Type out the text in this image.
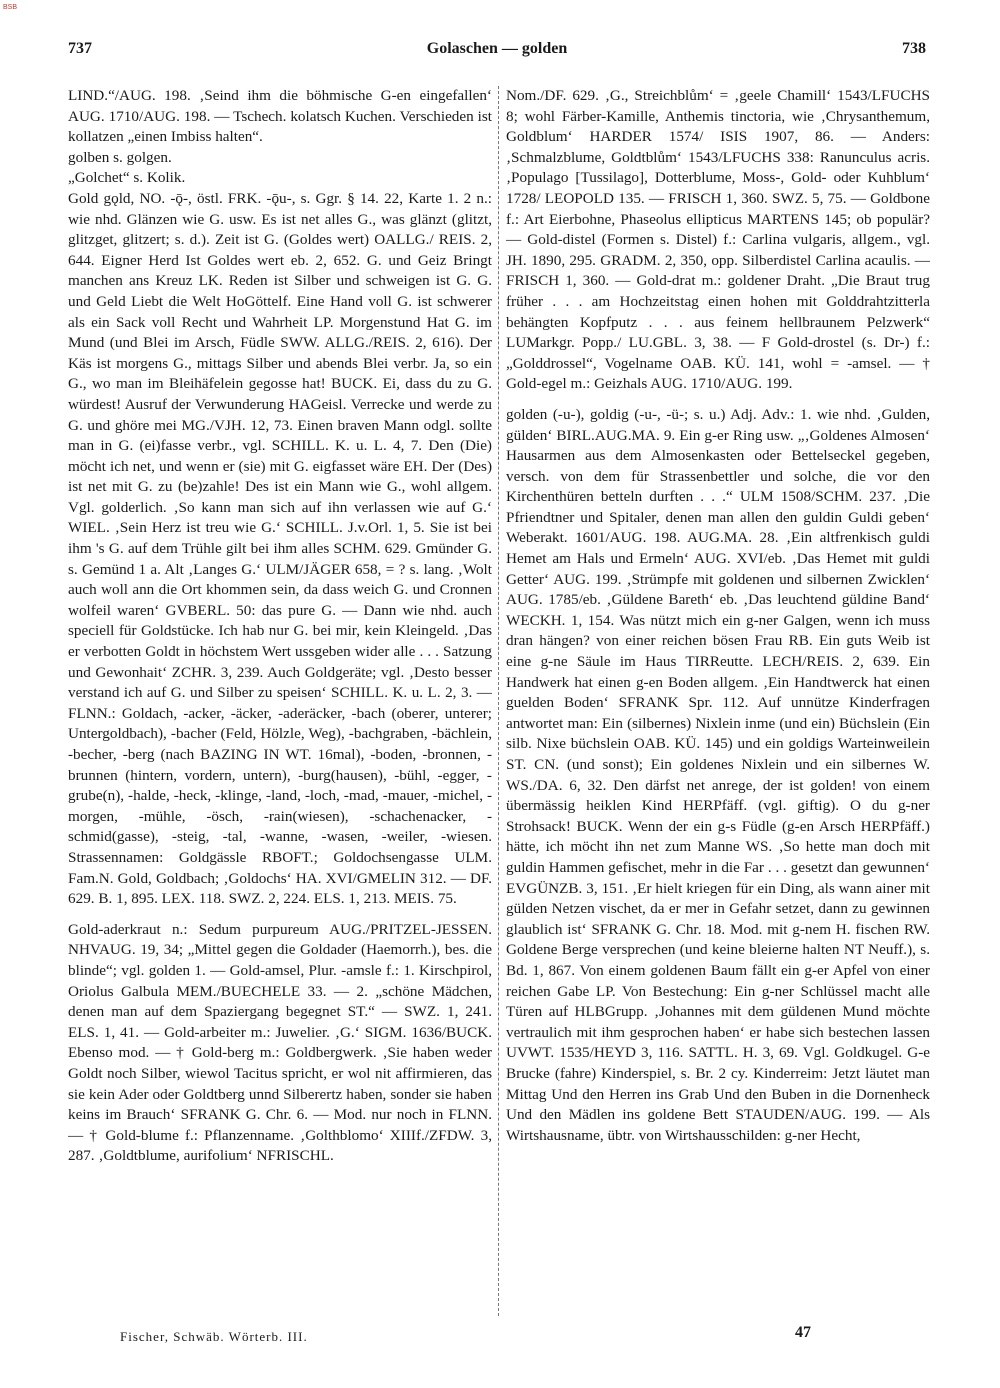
BSB
737	Golaschen — golden	738

LIND.“/AUG. 198. ‚Seind ihm die böhmische G-en eingefallen‘ AUG. 1710/AUG. 198. — Tschech. kolatsch Kuchen. Verschieden ist kollatzen „einen Imbiss halten“.

golben s. golgen.

„Golchet“ s. Kolik.

Gold gǫld, NO. -ǭ-, östl. FRK. -ǭu-, s. Ggr. § 14. 22, Karte 1. 2 n.: wie nhd. Glänzen wie G. usw. Es ist net alles G., was glänzt (glitzt, glitzget, glitzert; s. d.). Zeit ist G. (Goldes wert) OALLG./ REIS. 2, 644. Eigner Herd Ist Goldes wert eb. 2, 652. G. und Geiz Bringt manchen ans Kreuz LK. Reden ist Silber und schweigen ist G. G. und Geld Liebt die Welt HoGöttelf. Eine Hand voll G. ist schwerer als ein Sack voll Recht und Wahrheit LP. Morgenstund Hat G. im Mund (und Blei im Arsch, Füdle SWW. ALLG./REIS. 2, 616). Der Käs ist morgens G., mittags Silber und abends Blei verbr. Ja, so ein G., wo man im Bleihäfelein gegosse hat! BUCK. Ei, dass du zu G. würdest! Ausruf der Verwunderung HAGeisl. Verrecke und werde zu G. und ghöre mei MG./VJH. 12, 73. Einen braven Mann odgl. sollte man in G. (ei)fasse verbr., vgl. SCHILL. K. u. L. 4, 7. Den (Die) möcht ich net, und wenn er (sie) mit G. eigfasset wäre EH. Der (Des) ist net mit G. zu (be)zahle! Des ist ein Mann wie G., wohl allgem. Vgl. golderlich. ‚So kann man sich auf ihn verlassen wie auf G.‘ WIEL. ‚Sein Herz ist treu wie G.‘ SCHILL. J.v.Orl. 1, 5. Sie ist bei ihm 's G. auf dem Trühle gilt bei ihm alles SCHM. 629. Gmünder G. s. Gemünd 1 a. Alt ‚Langes G.‘ ULM/JÄGER 658, = ? s. lang. ‚Wolt auch woll ann die Ort khommen sein, da dass weich G. und Cronnen wolfeil waren‘ GVBERL. 50: das pure G. — Dann wie nhd. auch speciell für Goldstücke. Ich hab nur G. bei mir, kein Kleingeld. ‚Das er verbotten Goldt in höchstem Wert ussgeben wider alle . . . Satzung und Gewonhait‘ ZCHR. 3, 239. Auch Goldgeräte; vgl. ‚Desto besser verstand ich auf G. und Silber zu speisen‘ SCHILL. K. u. L. 2, 3. — FLNN.: Goldach, -acker, -äcker, -aderäcker, -bach (oberer, unterer; Untergoldbach), -bacher (Feld, Hölzle, Weg), -bachgraben, -bächlein, -becher, -berg (nach BAZING IN WT. 16mal), -boden, -bronnen, -brunnen (hintern, vordern, untern), -burg(hausen), -bühl, -egger, -grube(n), -halde, -heck, -klinge, -land, -loch, -mad, -mauer, -michel, -morgen, -mühle, -ösch, -rain(wiesen), -schachenacker, -schmid(gasse), -steig, -tal, -wanne, -wasen, -weiler, -wiesen. Strassennamen: Goldgässle RBOFT.; Goldochsengasse ULM. Fam.N. Gold, Goldbach; ‚Goldochs‘ HA. XVI/GMELIN 312. — DF. 629. B. 1, 895. LEX. 118. SWZ. 2, 224. ELS. 1, 213. MEIS. 75.

Gold-aderkraut n.: Sedum purpureum AUG./PRITZEL-JESSEN. NHVAUG. 19, 34; „Mittel gegen die Goldader (Haemorrh.), bes. die blinde“; vgl. golden 1. — Gold-amsel, Plur. -amsle f.: 1. Kirschpirol, Oriolus Galbula MEM./BUECHELE 33. — 2. „schöne Mädchen, denen man auf dem Spaziergang begegnet ST.“ — SWZ. 1, 241. ELS. 1, 41. — Gold-arbeiter m.: Juwelier. ‚G.‘ SIGM. 1636/BUCK. Ebenso mod. — † Gold-berg m.: Goldbergwerk. ‚Sie haben weder Goldt noch Silber, wiewol Tacitus spricht, er wol nit affirmieren, das sie kein Ader oder Goldtberg unnd Silberertz haben, sonder sie haben keins im Brauch‘ SFRANK G. Chr. 6. — Mod. nur noch in FLNN. — † Gold-blume f.: Pflanzenname. ‚Golthblomo‘ XIIIf./ZFDW. 3, 287. ‚Goldtblume, aurifolium‘ NFRISCHL.

Nom./DF. 629. ‚G., Streichblům‘ = ‚geele Chamill‘ 1543/LFUCHS 8; wohl Färber-Kamille, Anthemis tinctoria, wie ‚Chrysanthemum, Goldblum‘ HARDER 1574/ ISIS 1907, 86. — Anders: ‚Schmalzblume, Goldtblům‘ 1543/LFUCHS 338: Ranunculus acris. ‚Populago [Tussilago], Dotterblume, Moss-, Gold- oder Kuhblum‘ 1728/ LEOPOLD 135. — FRISCH 1, 360. SWZ. 5, 75. — Goldbone f.: Art Eierbohne, Phaseolus ellipticus MARTENS 145; ob populär? — Gold-distel (Formen s. Distel) f.: Carlina vulgaris, allgem., vgl. JH. 1890, 295. GRADM. 2, 350, opp. Silberdistel Carlina acaulis. — FRISCH 1, 360. — Gold-drat m.: goldener Draht. „Die Braut trug früher . . . am Hochzeitstag einen hohen mit Golddrahtzitterla behängten Kopfputz . . . aus feinem hellbraunem Pelzwerk“ LUMarkgr. Popp./ LU.GBL. 3, 38. — F Gold-drostel (s. Dr-) f.: „Golddrossel“, Vogelname OAB. KÜ. 141, wohl = -amsel. — † Gold-egel m.: Geizhals AUG. 1710/AUG. 199.

golden (-u-), goldig (-u-, -ü-; s. u.) Adj. Adv.: 1. wie nhd. ‚Gulden, gülden‘ BIRL.AUG.MA. 9. Ein g-er Ring usw. „‚Goldenes Almosen‘ Hausarmen aus dem Almosenkasten oder Bettelseckel gegeben, versch. von dem für Strassenbettler und solche, die vor den Kirchenthüren betteln durften . . .“ ULM 1508/SCHM. 237. ‚Die Pfriendtner und Spitaler, denen man allen den guldin Guldi geben‘ Weberakt. 1601/AUG. 198. AUG.MA. 28. ‚Ein altfrenkisch guldi Hemet am Hals und Ermeln‘ AUG. XVI/eb. ‚Das Hemet mit guldi Getter‘ AUG. 199. ‚Strümpfe mit goldenen und silbernen Zwicklen‘ AUG. 1785/eb. ‚Güldene Bareth‘ eb. ‚Das leuchtend güldine Band‘ WECKH. 1, 154. Was nützt mich ein g-ner Galgen, wenn ich muss dran hängen? von einer reichen bösen Frau RB. Ein guts Weib ist eine g-ne Säule im Haus TIRReutte. LECH/REIS. 2, 639. Ein Handwerk hat einen g-en Boden allgem. ‚Ein Handtwerck hat einen guelden Boden‘ SFRANK Spr. 112. Auf unnütze Kinderfragen antwortet man: Ein (silbernes) Nixlein inme (und ein) Büchslein (Ein silb. Nixe büchslein OAB. KÜ. 145) und ein goldigs Warteinweilein ST. CN. (und sonst); Ein goldenes Nixlein und ein silbernes W. WS./DA. 6, 32. Den därfst net anrege, der ist golden! von einem übermässig heiklen Kind HERPfäff. (vgl. giftig). O du g-ner Strohsack! BUCK. Wenn der ein g-s Füdle (g-en Arsch HERPfäff.) hätte, ich möcht ihn net zum Manne WS. ‚So hette man doch mit guldin Hammen gefischet, mehr in die Far . . . gesetzt dan gewunnen‘ EVGÜNZB. 3, 151. ‚Er hielt kriegen für ein Ding, als wann ainer mit gülden Netzen vischet, da er mer in Gefahr setzet, dann zu gewinnen glaublich ist‘ SFRANK G. Chr. 18. Mod. mit g-nem H. fischen RW. Goldene Berge versprechen (und keine bleierne halten NT Neuff.), s. Bd. 1, 867. Von einem goldenen Baum fällt ein g-er Apfel von einer reichen Gabe LP. Von Bestechung: Ein g-ner Schlüssel macht alle Türen auf HLBGrupp. ‚Johannes mit dem güldenen Mund möchte vertraulich mit ihm gesprochen haben‘ er habe sich bestechen lassen UVWT. 1535/HEYD 3, 116. SATTL. H. 3, 69. Vgl. Goldkugel. G-e Brucke (fahre) Kinderspiel, s. Br. 2 cy. Kinderreim: Jetzt läutet man Mittag Und den Herren ins Grab Und den Buben in die Dornenheck Und den Mädlen ins goldene Bett STAUDEN/AUG. 199. — Als Wirtshausname, übtr. von Wirtshausschilden: g-ner Hecht,

Fischer, Schwäb. Wörterb. III.	47
